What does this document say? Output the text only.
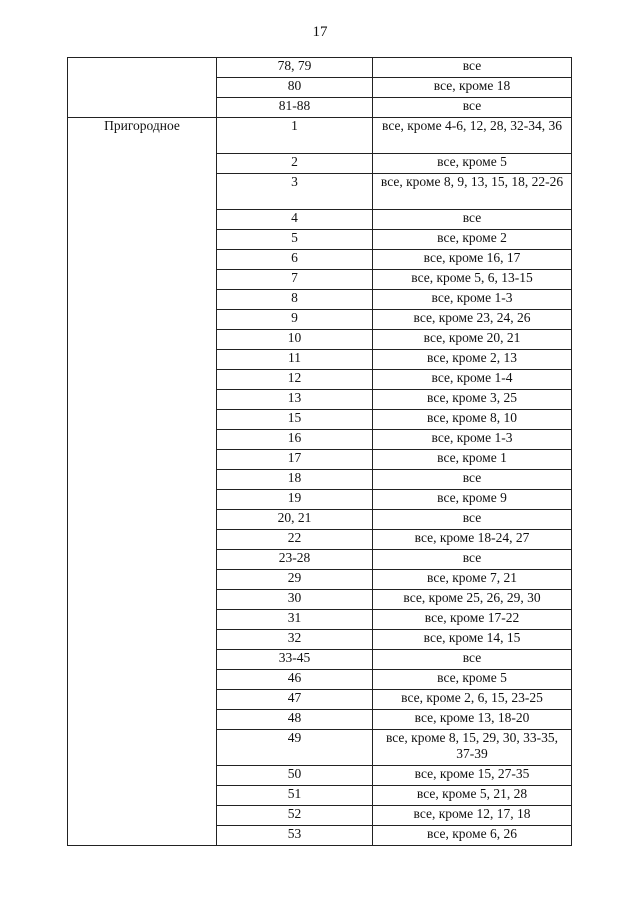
17
	78, 79	все
	80	все, кроме 18
	81-88	все
Пригородное	1	все, кроме 4-6, 12, 28, 32-34, 36
	2	все, кроме 5
	3	все, кроме 8, 9, 13, 15, 18, 22-26
	4	все
	5	все, кроме 2
	6	все, кроме 16, 17
	7	все, кроме 5, 6, 13-15
	8	все, кроме 1-3
	9	все, кроме 23, 24, 26
	10	все, кроме 20, 21
	11	все, кроме 2, 13
	12	все, кроме 1-4
	13	все, кроме 3, 25
	15	все, кроме 8, 10
	16	все, кроме 1-3
	17	все, кроме 1
	18	все
	19	все, кроме 9
	20, 21	все
	22	все, кроме 18-24, 27
	23-28	все
	29	все, кроме 7, 21
	30	все, кроме 25, 26, 29, 30
	31	все, кроме 17-22
	32	все, кроме 14, 15
	33-45	все
	46	все, кроме 5
	47	все, кроме 2, 6, 15, 23-25
	48	все, кроме 13, 18-20
	49	все, кроме 8, 15, 29, 30, 33-35, 37-39
	50	все, кроме 15, 27-35
	51	все, кроме 5, 21, 28
	52	все, кроме 12, 17, 18
	53	все, кроме 6, 26
